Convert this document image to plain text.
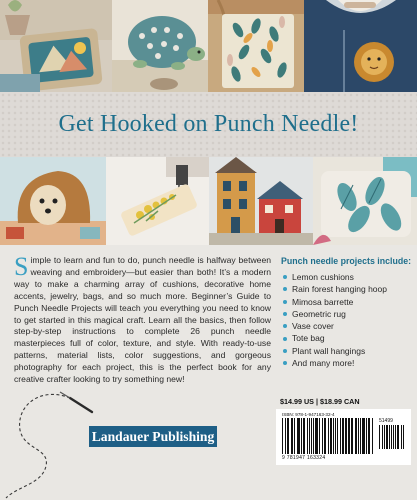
Get Hooked on Punch Needle!
Simple to learn and fun to do, punch needle is halfway between weaving and embroidery—but easier than both! It’s a modern way to make a charming array of cushions, decorative home accents, jewelry, bags, and so much more. Beginner’s Guide to Punch Needle Projects will teach you everything you need to know to get started in this magical craft. Learn all the basics, then follow step-by-step instructions to complete 26 punch needle masterpieces full of color, texture, and style. With ready-to-use patterns, material lists, color suggestions, and gorgeous photography for each project, this is the perfect book for any creative crafter looking to try something new!
Punch needle projects include:
Lemon cushions
Rain forest hanging hoop
Mimosa barrette
Geometric rug
Vase cover
Tote bag
Plant wall hangings
And many more!
$14.99 US | $18.99 CAN
ISBN: 978-1-947163-32-4
9 781947 163324
51499
Landauer Publishing
